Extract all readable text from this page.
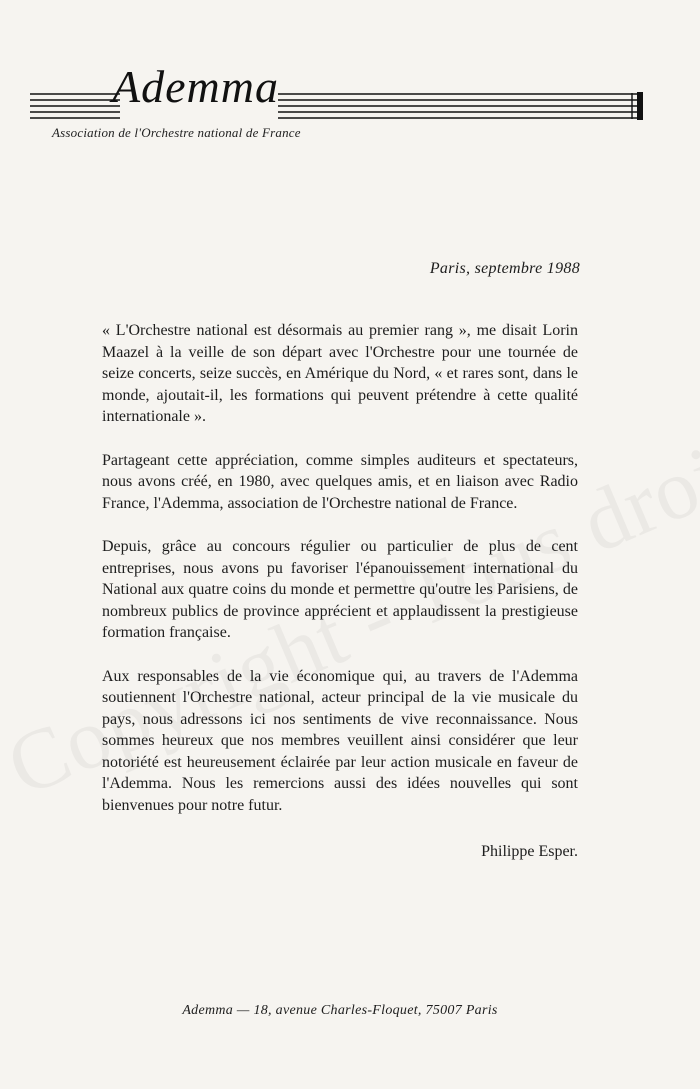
Ademma
Association de l'Orchestre national de France
Paris, septembre 1988

« L'Orchestre national est désormais au premier rang », me disait Lorin Maazel à la veille de son départ avec l'Orchestre pour une tournée de seize concerts, seize succès, en Amérique du Nord, « et rares sont, dans le monde, ajoutait-il, les formations qui peuvent prétendre à cette qualité internationale ».

Partageant cette appréciation, comme simples auditeurs et spectateurs, nous avons créé, en 1980, avec quelques amis, et en liaison avec Radio France, l'Ademma, association de l'Orchestre national de France.

Depuis, grâce au concours régulier ou particulier de plus de cent entreprises, nous avons pu favoriser l'épanouissement international du National aux quatre coins du monde et permettre qu'outre les Parisiens, de nombreux publics de province apprécient et applaudissent la prestigieuse formation française.

Aux responsables de la vie économique qui, au travers de l'Ademma soutiennent l'Orchestre national, acteur principal de la vie musicale du pays, nous adressons ici nos sentiments de vive reconnaissance. Nous sommes heureux que nos membres veuillent ainsi considérer que leur notoriété est heureusement éclairée par leur action musicale en faveur de l'Ademma. Nous les remercions aussi des idées nouvelles qui sont bienvenues pour notre futur.

Philippe Esper.
Ademma — 18, avenue Charles-Floquet, 75007 Paris
